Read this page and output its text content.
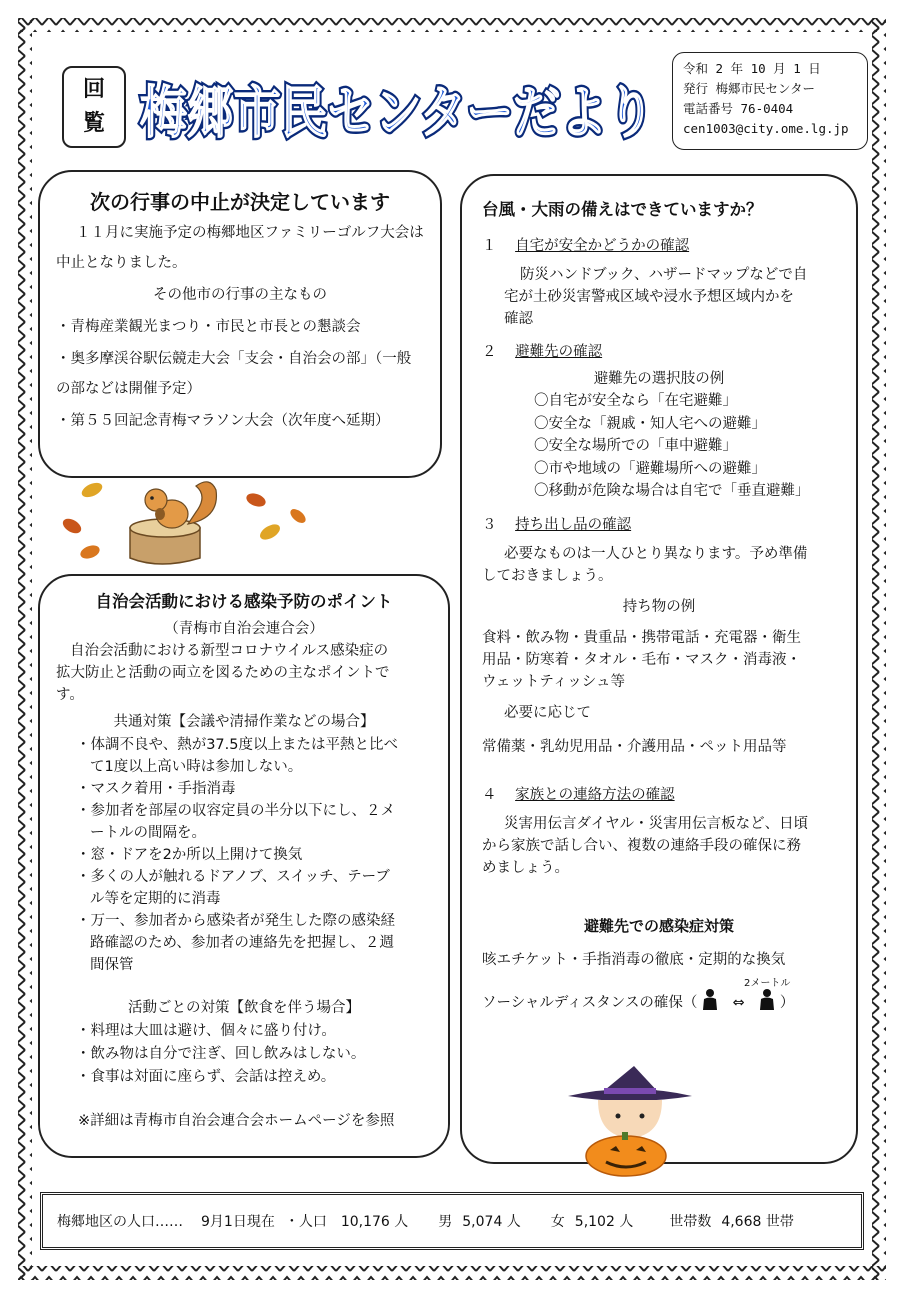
回
覧 梅郷市民センターだより
梅郷市民センターだより
令和 2 年 10 月 1 日
発行 梅郷市民センター
電話番号 76-0404
cen1003@city.ome.lg.jp
次の行事の中止が決定しています
１１月に実施予定の梅郷地区ファミリーゴルフ大会は
中止となりました。
その他市の行事の主なもの
・青梅産業観光まつり・市民と市長との懇談会
・奥多摩渓谷駅伝競走大会「支会・自治会の部」（一般
の部などは開催予定）
・第５５回記念青梅マラソン大会（次年度へ延期）
自治会活動における感染予防のポイント
（青梅市自治会連合会）
自治会活動における新型コロナウイルス感染症の
拡大防止と活動の両立を図るための主なポイントで
す。
共通対策【会議や清掃作業などの場合】
・体調不良や、熱が37.5度以上または平熱と比べ
て1度以上高い時は参加しない。
・マスク着用・手指消毒
・参加者を部屋の収容定員の半分以下にし、２メ
ートルの間隔を。
・窓・ドアを2か所以上開けて換気
・多くの人が触れるドアノブ、スイッチ、テーブ
ル等を定期的に消毒
・万一、参加者から感染者が発生した際の感染経
路確認のため、参加者の連絡先を把握し、２週
間保管
活動ごとの対策【飲食を伴う場合】
・料理は大皿は避け、個々に盛り付け。
・飲み物は自分で注ぎ、回し飲みはしない。
・食事は対面に座らず、会話は控えめ。
※詳細は青梅市自治会連合会ホームページを参照
台風・大雨の備えはできていますか？
１ 自宅が安全かどうかの確認
防災ハンドブック、ハザードマップなどで自
宅が土砂災害警戒区域や浸水予想区域内かを
確認
２ 避難先の確認
避難先の選択肢の例
〇自宅が安全なら「在宅避難」
〇安全な「親戚・知人宅への避難」
〇安全な場所での「車中避難」
〇市や地域の「避難場所への避難」
〇移動が危険な場合は自宅で「垂直避難」
３ 持ち出し品の確認
必要なものは一人ひとり異なります。予め準備
しておきましょう。
持ち物の例
食料・飲み物・貴重品・携帯電話・充電器・衛生
用品・防寒着・タオル・毛布・マスク・消毒液・
ウェットティッシュ等
必要に応じて
常備薬・乳幼児用品・介護用品・ペット用品等
４ 家族との連絡方法の確認
災害用伝言ダイヤル・災害用伝言板など、日頃
から家族で話し合い、複数の連絡手段の確保に務
めましょう。
避難先での感染症対策
咳エチケット・手指消毒の徹底・定期的な換気
ソーシャルディスタンスの確保（ ⇔ ）
2メートル
梅郷地区の人口…… 9月1日現在 ・人口 10,176 人 男 5,074 人 女 5,102 人	世帯数 4,668 世帯
